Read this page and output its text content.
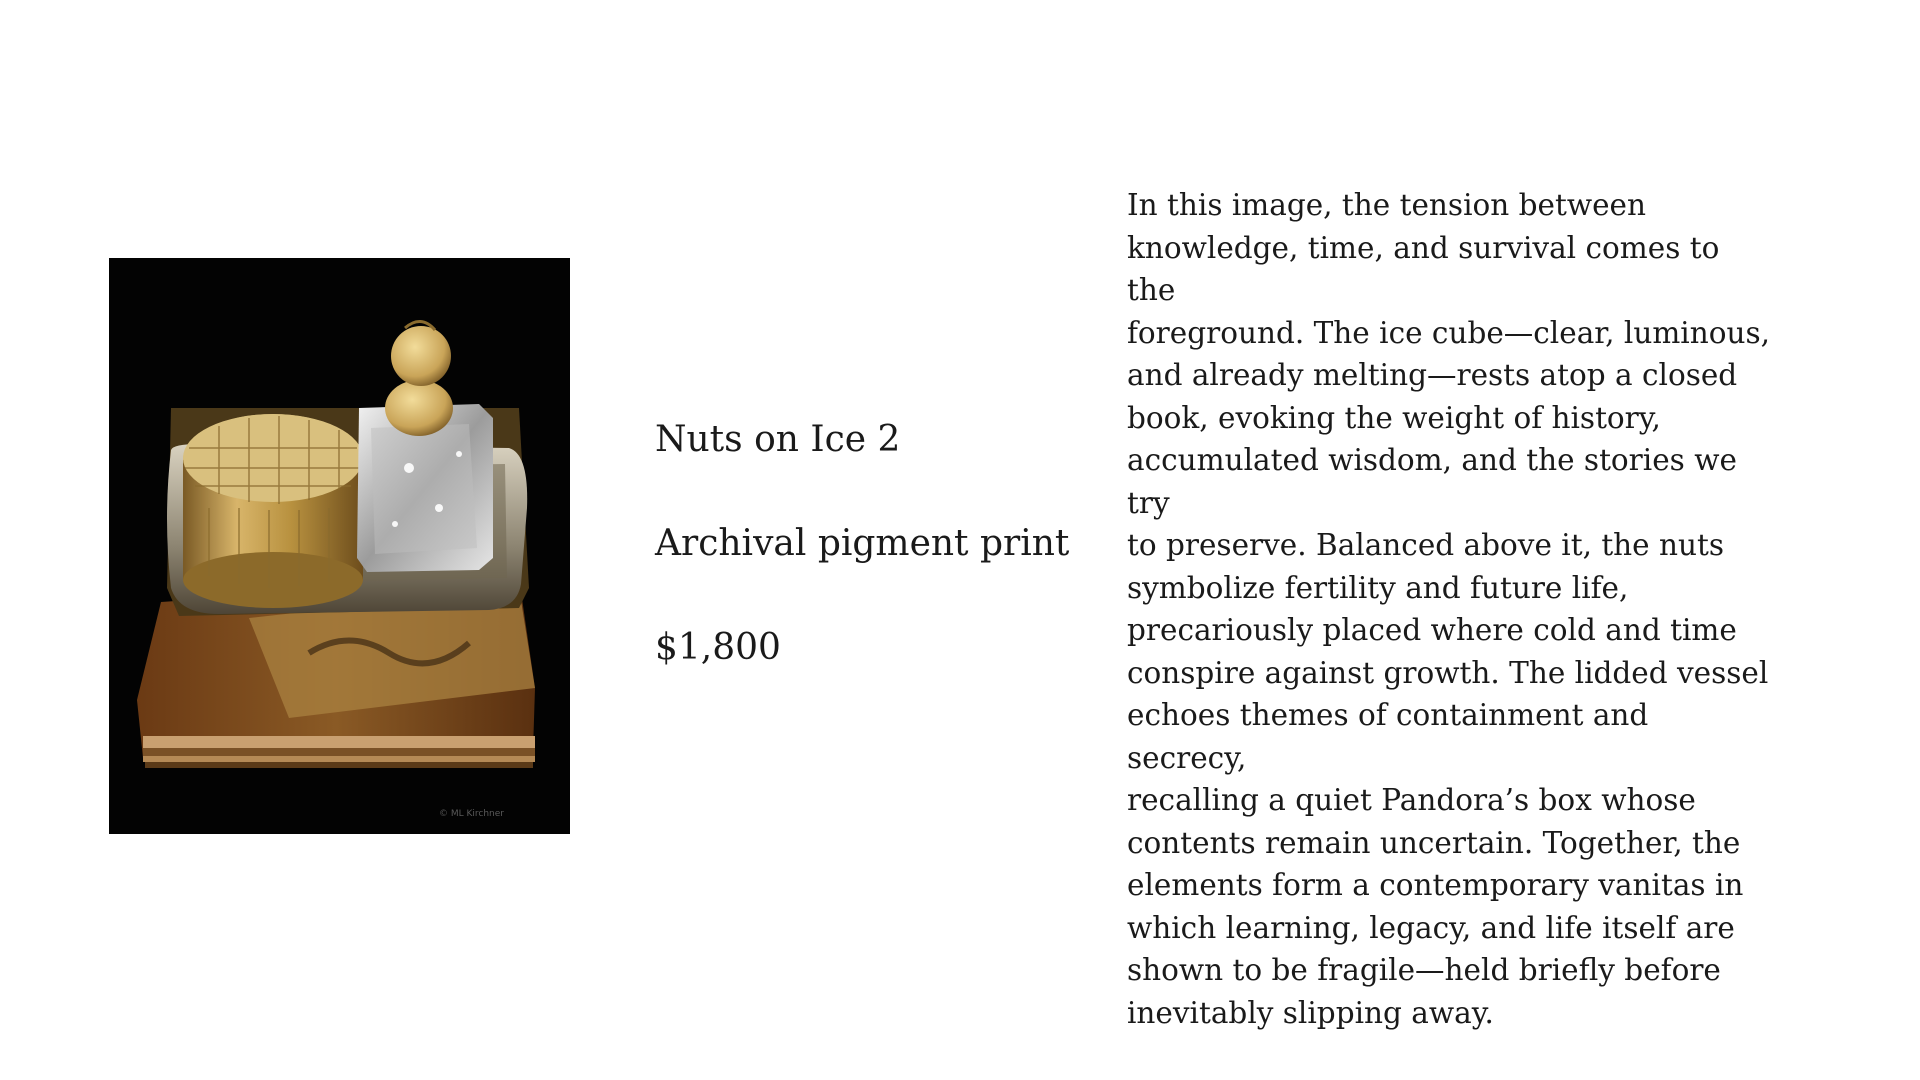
© ML Kirchner
Nuts on Ice 2
Archival pigment print
$1,800

In this image, the tension between
knowledge, time, and survival comes to the
foreground. The ice cube—clear, luminous,
and already melting—rests atop a closed
book, evoking the weight of history,
accumulated wisdom, and the stories we try
to preserve. Balanced above it, the nuts
symbolize fertility and future life,
precariously placed where cold and time
conspire against growth. The lidded vessel
echoes themes of containment and secrecy,
recalling a quiet Pandora’s box whose
contents remain uncertain. Together, the
elements form a contemporary vanitas in
which learning, legacy, and life itself are
shown to be fragile—held briefly before
inevitably slipping away.
